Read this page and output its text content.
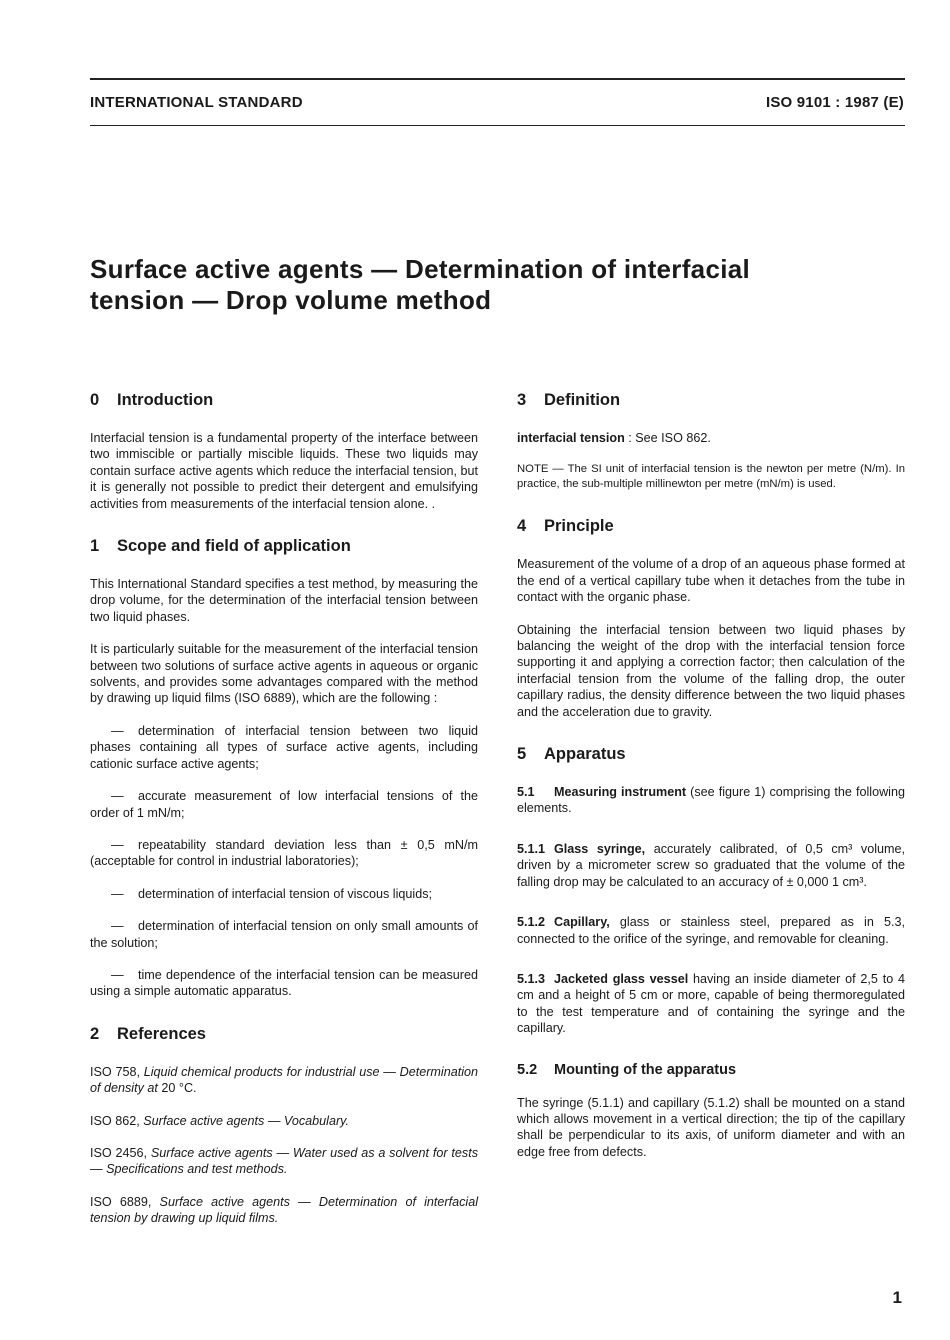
INTERNATIONAL STANDARD	ISO 9101 : 1987 (E)
Surface active agents — Determination of interfacial
tension — Drop volume method
0 Introduction

Interfacial tension is a fundamental property of the interface between two immiscible or partially miscible liquids. These two liquids may contain surface active agents which reduce the interfacial tension, but it is generally not possible to predict their detergent and emulsifying activities from measurements of the interfacial tension alone. .

1 Scope and field of application

This International Standard specifies a test method, by measuring the drop volume, for the determination of the interfacial tension between two liquid phases.

It is particularly suitable for the measurement of the interfacial tension between two solutions of surface active agents in aqueous or organic solvents, and provides some advantages compared with the method by drawing up liquid films (ISO 6889), which are the following :

— determination of interfacial tension between two liquid phases containing all types of surface active agents, including cationic surface active agents;
— accurate measurement of low interfacial tensions of the order of 1 mN/m;
— repeatability standard deviation less than ± 0,5 mN/m (acceptable for control in industrial laboratories);
— determination of interfacial tension of viscous liquids;
— determination of interfacial tension on only small amounts of the solution;
— time dependence of the interfacial tension can be measured using a simple automatic apparatus.
2 References

ISO 758, Liquid chemical products for industrial use — Determination of density at 20 °C.

ISO 862, Surface active agents — Vocabulary.

ISO 2456, Surface active agents — Water used as a solvent for tests — Specifications and test methods.

ISO 6889, Surface active agents — Determination of interfacial tension by drawing up liquid films.

3 Definition

interfacial tension : See ISO 862.

NOTE — The SI unit of interfacial tension is the newton per metre (N/m). In practice, the sub-multiple millinewton per metre (mN/m) is used.

4 Principle

Measurement of the volume of a drop of an aqueous phase formed at the end of a vertical capillary tube when it detaches from the tube in contact with the organic phase.

Obtaining the interfacial tension between two liquid phases by balancing the weight of the drop with the interfacial tension force supporting it and applying a correction factor; then calculation of the interfacial tension from the volume of the falling drop, the outer capillary radius, the density difference between the two liquid phases and the acceleration due to gravity.

5 Apparatus

5.1 Measuring instrument (see figure 1) comprising the following elements.

5.1.1 Glass syringe, accurately calibrated, of 0,5 cm³ volume, driven by a micrometer screw so graduated that the volume of the falling drop may be calculated to an accuracy of ± 0,000 1 cm³.

5.1.2 Capillary, glass or stainless steel, prepared as in 5.3, connected to the orifice of the syringe, and removable for cleaning.

5.1.3 Jacketed glass vessel having an inside diameter of 2,5 to 4 cm and a height of 5 cm or more, capable of being thermoregulated to the test temperature and of containing the syringe and the capillary.

5.2 Mounting of the apparatus

The syringe (5.1.1) and capillary (5.1.2) shall be mounted on a stand which allows movement in a vertical direction; the tip of the capillary shall be perpendicular to its axis, of uniform diameter and with an edge free from defects.

1
